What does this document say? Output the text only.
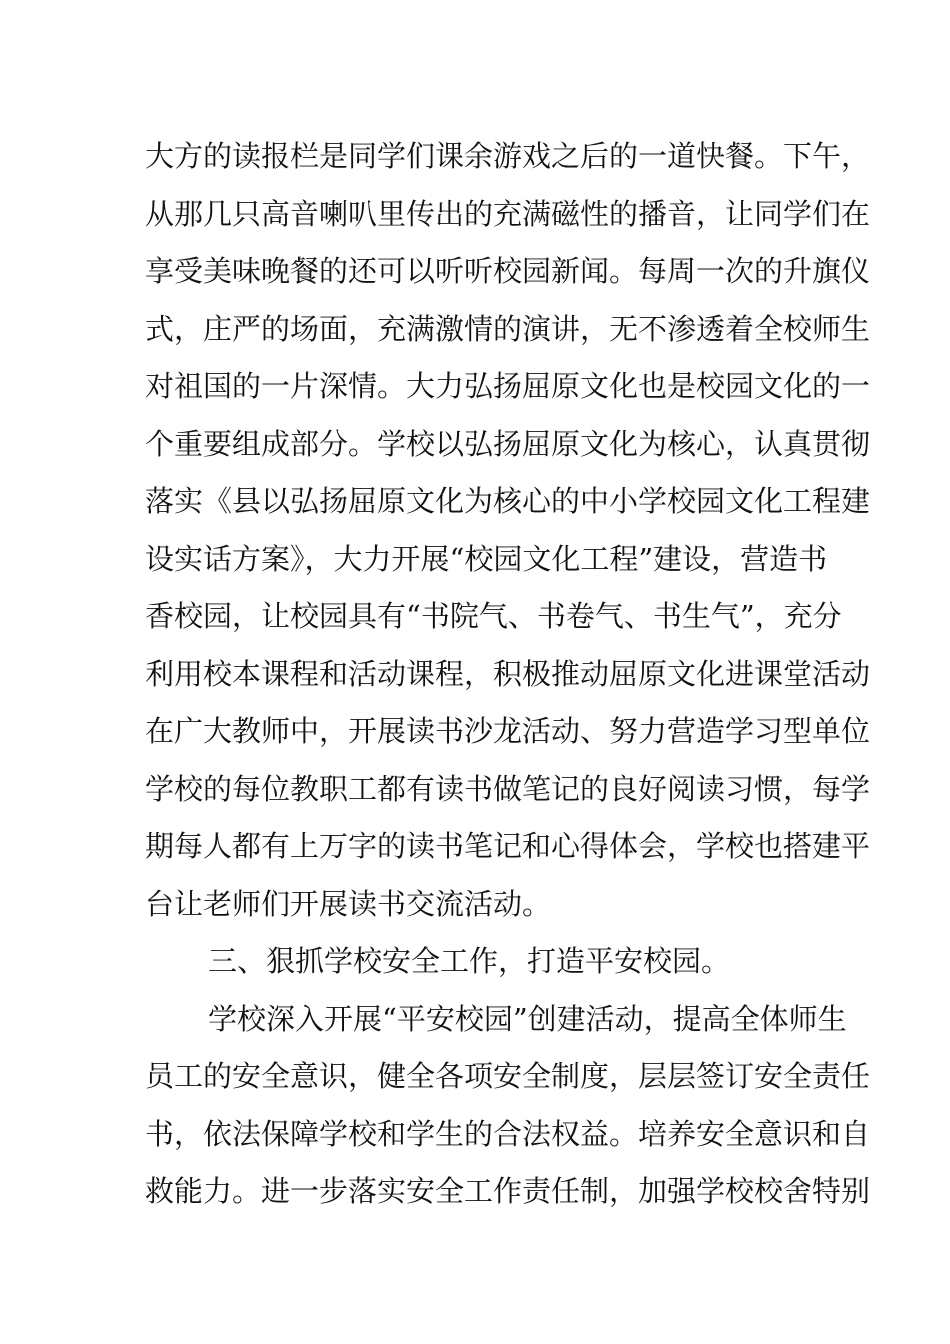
大方的读报栏是同学们课余游戏之后的一道快餐。下午，
从那几只高音喇叭里传出的充满磁性的播音，让同学们在
享受美味晚餐的还可以听听校园新闻。每周一次的升旗仪
式，庄严的场面，充满激情的演讲，无不渗透着全校师生
对祖国的一片深情。大力弘扬屈原文化也是校园文化的一
个重要组成部分。学校以弘扬屈原文化为核心，认真贯彻
落实《县以弘扬屈原文化为核心的中小学校园文化工程建
设实话方案》，大力开展“校园文化工程”建设，营造书
香校园，让校园具有“书院气、书卷气、书生气”，充分
利用校本课程和活动课程，积极推动屈原文化进课堂活动
在广大教师中，开展读书沙龙活动、努力营造学习型单位
学校的每位教职工都有读书做笔记的良好阅读习惯，每学
期每人都有上万字的读书笔记和心得体会，学校也搭建平
台让老师们开展读书交流活动。
三、狠抓学校安全工作，打造平安校园。
学校深入开展“平安校园”创建活动，提高全体师生
员工的安全意识，健全各项安全制度，层层签订安全责任
书，依法保障学校和学生的合法权益。培养安全意识和自
救能力。进一步落实安全工作责任制，加强学校校舍特别
